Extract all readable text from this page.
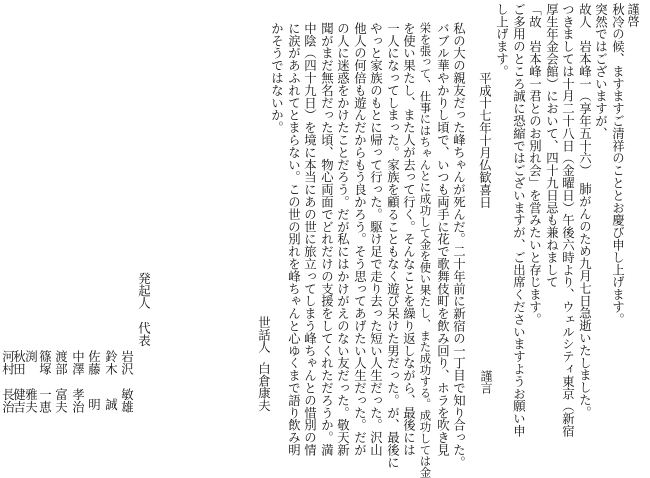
謹啓
秋冷の候、ますますご清祥のこととお慶び申し上げます。
突然ではございますが、
故人　岩本峰一（享年五十六）　肺がんのため九月七日急逝いたしました。
つきましては十月二十八日（金曜日）午後六時より、ウェルシティ東京（新宿
厚生年金会館）において、四十九日忌も兼ねまして
「故　岩本峰一君とのお別れ会」を営みたいと存じます。
ご多用のところ誠に恐縮ではございますが、ご出席くださいますようお願い申
し上げます。
謹言
平成十七年十月仏歓喜日
私の大の親友だった峰ちゃんが死んだ。二十年前に新宿の一丁目で知り合った。
バブル華やかりし頃で、いつも両手に花で歌舞伎町を飲み回り、ホラを吹き見
栄を張って、仕事にはちゃんとに成功して金を使い果たし、また成功する。成功しては金
を使い果たし、また人が去って行く。そんなことを繰り返しながら、最後には
一人になってしまった。家族を顧ることもなく遊び呆けた男だった。が、最後に
やっと家族のもとに帰って行った。駆け足で走り去った短い人生だった。沢山
他人の何倍も遊んだからもう良かろう。そう思ってあげたい人生だった。だが
の人に迷惑をかけたことだろう。だが私にはかけがえのない友だった。敬天新
聞がまだ無名だった頃、物心両面でどれだけの支援をしてくれただろうか。満
中陰（四十九日）を境に本当にあの世に旅立ってしまう峰ちゃんとの惜別の情
に涙があふれてとまらない。この世の別れを峰ちゃんと心ゆくまで語り飲み明
かそうではないか。
世話人
白倉康夫
発起人　代表
岩沢
敏雄
鈴木
誠
佐藤
明
中澤
孝治
渡部
富夫
篠塚
一恵
渕
雅夫
秋田
健吉
河村
長治
